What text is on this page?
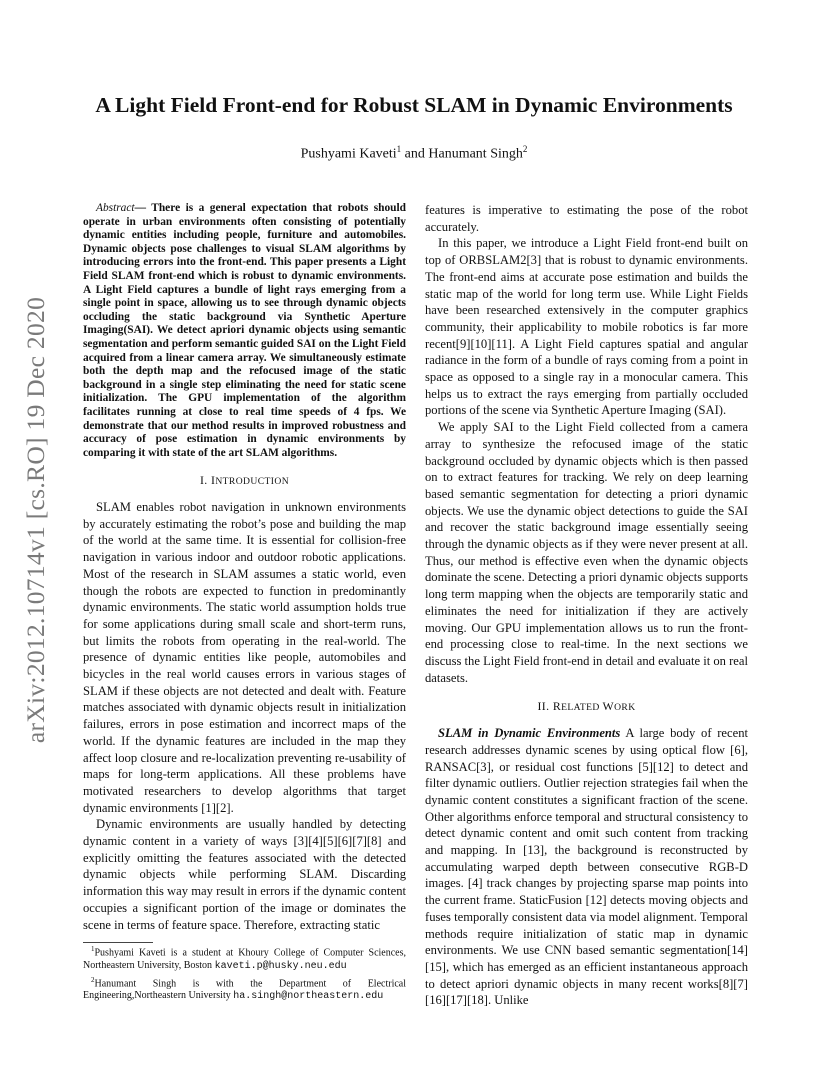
arXiv:2012.10714v1 [cs.RO] 19 Dec 2020
A Light Field Front-end for Robust SLAM in Dynamic Environments
Pushyami Kaveti$^1$ and Hanumant Singh$^2$

Abstract— There is a general expectation that robots should operate in urban environments often consisting of potentially dynamic entities including people, furniture and automobiles. Dynamic objects pose challenges to visual SLAM algorithms by introducing errors into the front-end. This paper presents a Light Field SLAM front-end which is robust to dynamic environments. A Light Field captures a bundle of light rays emerging from a single point in space, allowing us to see through dynamic objects occluding the static background via Synthetic Aperture Imaging(SAI). We detect apriori dynamic objects using semantic segmentation and perform semantic guided SAI on the Light Field acquired from a linear camera array. We simultaneously estimate both the depth map and the refocused image of the static background in a single step eliminating the need for static scene initialization. The GPU implementation of the algorithm facilitates running at close to real time speeds of 4 fps. We demonstrate that our method results in improved robustness and accuracy of pose estimation in dynamic environments by comparing it with state of the art SLAM algorithms.

I. INTRODUCTION

SLAM enables robot navigation in unknown environments by accurately estimating the robot’s pose and building the map of the world at the same time. It is essential for collision-free navigation in various indoor and outdoor robotic applications. Most of the research in SLAM assumes a static world, even though the robots are expected to function in predominantly dynamic environments. The static world assumption holds true for some applications during small scale and short-term runs, but limits the robots from operating in the real-world. The presence of dynamic entities like people, automobiles and bicycles in the real world causes errors in various stages of SLAM if these objects are not detected and dealt with. Feature matches associated with dynamic objects result in initialization failures, errors in pose estimation and incorrect maps of the world. If the dynamic features are included in the map they affect loop closure and re-localization preventing re-usability of maps for long-term applications. All these problems have motivated researchers to develop algorithms that target dynamic environments [1][2].

Dynamic environments are usually handled by detecting dynamic content in a variety of ways [3][4][5][6][7][8] and explicitly omitting the features associated with the detected dynamic objects while performing SLAM. Discarding information this way may result in errors if the dynamic content occupies a significant portion of the image or dominates the scene in terms of feature space. Therefore, extracting static

features is imperative to estimating the pose of the robot accurately.

In this paper, we introduce a Light Field front-end built on top of ORBSLAM2[3] that is robust to dynamic environments. The front-end aims at accurate pose estimation and builds the static map of the world for long term use. While Light Fields have been researched extensively in the computer graphics community, their applicability to mobile robotics is far more recent[9][10][11]. A Light Field captures spatial and angular radiance in the form of a bundle of rays coming from a point in space as opposed to a single ray in a monocular camera. This helps us to extract the rays emerging from partially occluded portions of the scene via Synthetic Aperture Imaging (SAI).

We apply SAI to the Light Field collected from a camera array to synthesize the refocused image of the static background occluded by dynamic objects which is then passed on to extract features for tracking. We rely on deep learning based semantic segmentation for detecting a priori dynamic objects. We use the dynamic object detections to guide the SAI and recover the static background image essentially seeing through the dynamic objects as if they were never present at all. Thus, our method is effective even when the dynamic objects dominate the scene. Detecting a priori dynamic objects supports long term mapping when the objects are temporarily static and eliminates the need for initialization if they are actively moving. Our GPU implementation allows us to run the front-end processing close to real-time. In the next sections we discuss the Light Field front-end in detail and evaluate it on real datasets.

II. RELATED WORK

SLAM in Dynamic Environments A large body of recent research addresses dynamic scenes by using optical flow [6], RANSAC[3], or residual cost functions [5][12] to detect and filter dynamic outliers. Outlier rejection strategies fail when the dynamic content constitutes a significant fraction of the scene. Other algorithms enforce temporal and structural consistency to detect dynamic content and omit such content from tracking and mapping. In [13], the background is reconstructed by accumulating warped depth between consecutive RGB-D images. [4] track changes by projecting sparse map points into the current frame. StaticFusion [12] detects moving objects and fuses temporally consistent data via model alignment. Temporal methods require initialization of static map in dynamic environments. We use CNN based semantic segmentation[14][15], which has emerged as an efficient instantaneous approach to detect apriori dynamic objects in many recent works[8][7][16][17][18]. Unlike

$^1$Pushyami Kaveti is a student at Khoury College of Computer Sciences, Northeastern University, Boston kaveti.p@husky.neu.edu

$^2$Hanumant Singh is with the Department of Electrical Engineering,Northeastern University ha.singh@northeastern.edu
